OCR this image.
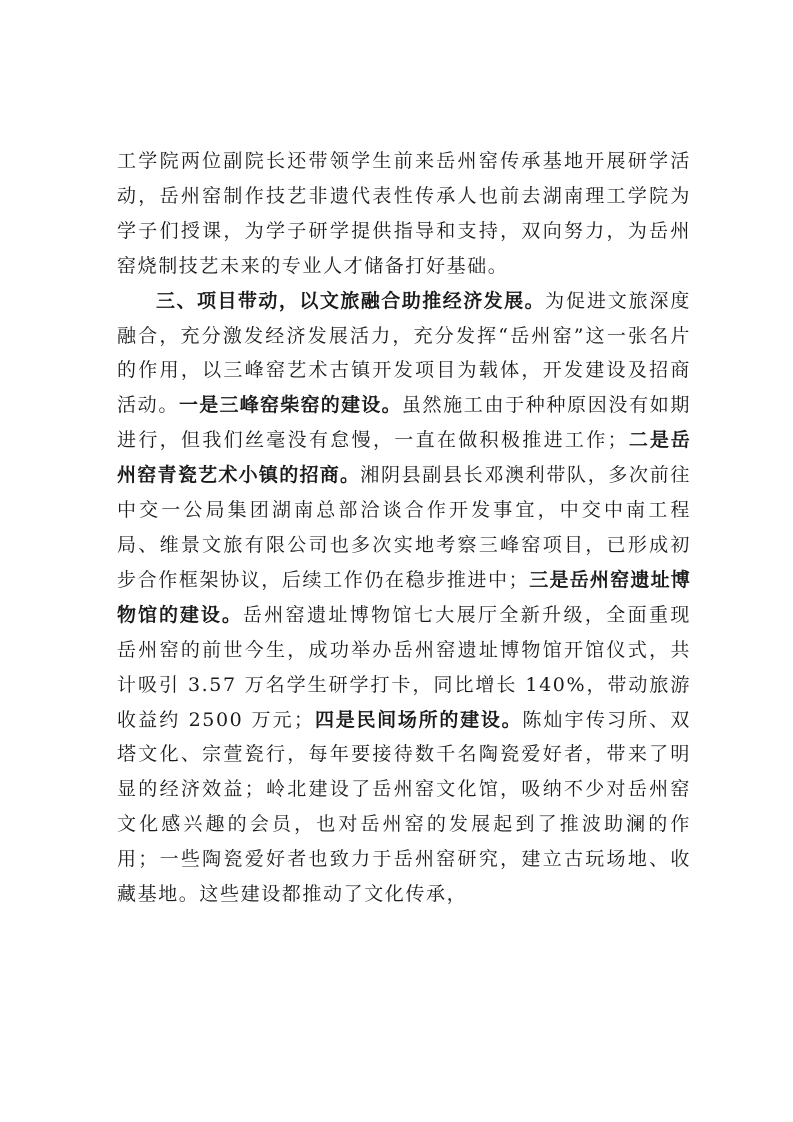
工学院两位副院长还带领学生前来岳州窑传承基地开展研学活动，岳州窑制作技艺非遗代表性传承人也前去湖南理工学院为学子们授课，为学子研学提供指导和支持，双向努力，为岳州窑烧制技艺未来的专业人才储备打好基础。

三、项目带动，以文旅融合助推经济发展。为促进文旅深度融合，充分激发经济发展活力，充分发挥“岳州窑”这一张名片的作用，以三峰窑艺术古镇开发项目为载体，开发建设及招商活动。一是三峰窑柴窑的建设。虽然施工由于种种原因没有如期进行，但我们丝毫没有怠慢，一直在做积极推进工作；二是岳州窑青瓷艺术小镇的招商。湘阴县副县长邓澳利带队，多次前往中交一公局集团湖南总部洽谈合作开发事宜，中交中南工程局、维景文旅有限公司也多次实地考察三峰窑项目，已形成初步合作框架协议，后续工作仍在稳步推进中；三是岳州窑遗址博物馆的建设。岳州窑遗址博物馆七大展厅全新升级，全面重现岳州窑的前世今生，成功举办岳州窑遗址博物馆开馆仪式，共计吸引 3.57 万名学生研学打卡，同比增长 140%，带动旅游收益约 2500 万元；四是民间场所的建设。陈灿宇传习所、双塔文化、宗萱瓷行，每年要接待数千名陶瓷爱好者，带来了明显的经济效益；岭北建设了岳州窑文化馆，吸纳不少对岳州窑文化感兴趣的会员，也对岳州窑的发展起到了推波助澜的作用；一些陶瓷爱好者也致力于岳州窑研究，建立古玩场地、收藏基地。这些建设都推动了文化传承，
